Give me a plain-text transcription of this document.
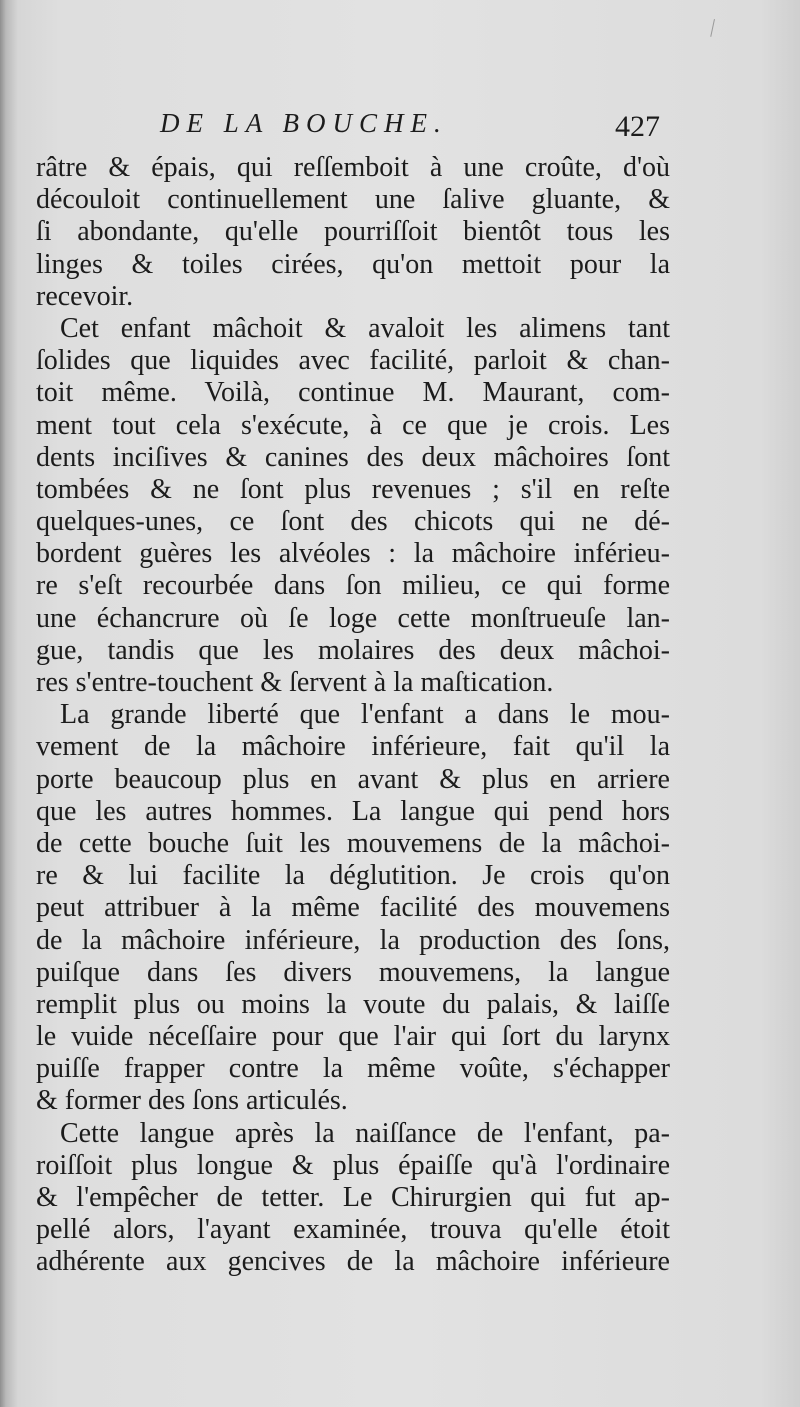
DE LA BOUCHE.	427
râtre & épais, qui reſſemboit à une croûte, d'où
découloit continuellement une ſalive gluante, &
ſi abondante, qu'elle pourriſſoit bientôt tous les
linges & toiles cirées, qu'on mettoit pour la
recevoir.
Cet enfant mâchoit & avaloit les alimens tant
ſolides que liquides avec facilité, parloit & chan-
toit même. Voilà, continue M. Maurant, com-
ment tout cela s'exécute, à ce que je crois. Les
dents inciſives & canines des deux mâchoires ſont
tombées & ne ſont plus revenues ; s'il en reſte
quelques-unes, ce ſont des chicots qui ne dé-
bordent guères les alvéoles : la mâchoire inférieu-
re s'eſt recourbée dans ſon milieu, ce qui forme
une échancrure où ſe loge cette monſtrueuſe lan-
gue, tandis que les molaires des deux mâchoi-
res s'entre-touchent & ſervent à la maſtication.
La grande liberté que l'enfant a dans le mou-
vement de la mâchoire inférieure, fait qu'il la
porte beaucoup plus en avant & plus en arriere
que les autres hommes. La langue qui pend hors
de cette bouche ſuit les mouvemens de la mâchoi-
re & lui facilite la déglutition. Je crois qu'on
peut attribuer à la même facilité des mouvemens
de la mâchoire inférieure, la production des ſons,
puiſque dans ſes divers mouvemens, la langue
remplit plus ou moins la voute du palais, & laiſſe
le vuide néceſſaire pour que l'air qui ſort du larynx
puiſſe frapper contre la même voûte, s'échapper
& former des ſons articulés.
Cette langue après la naiſſance de l'enfant, pa-
roiſſoit plus longue & plus épaiſſe qu'à l'ordinaire
& l'empêcher de tetter. Le Chirurgien qui fut ap-
pellé alors, l'ayant examinée, trouva qu'elle étoit
adhérente aux gencives de la mâchoire inférieure
